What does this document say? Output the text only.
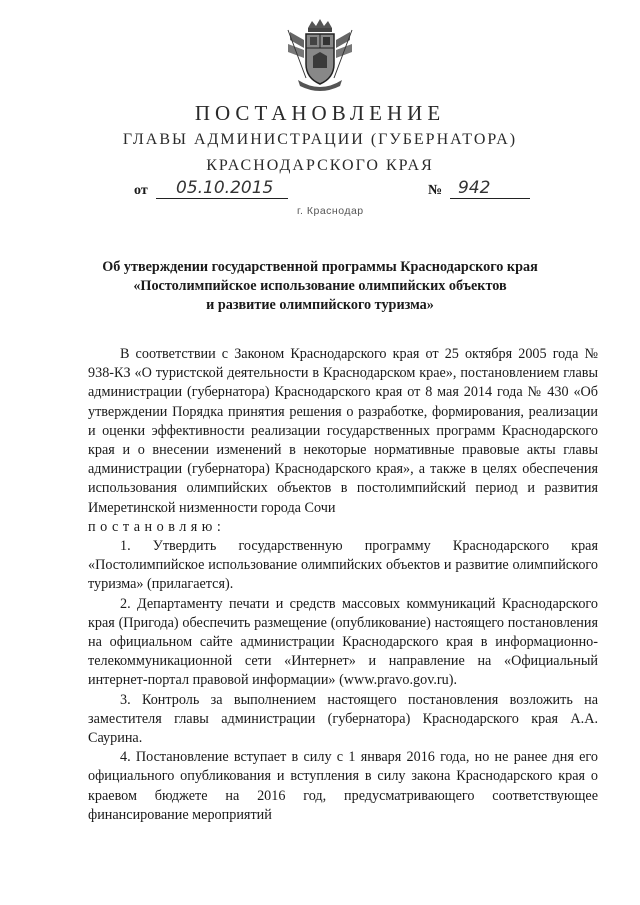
ПОСТАНОВЛЕНИЕ
ГЛАВЫ АДМИНИСТРАЦИИ (ГУБЕРНАТОРА)
КРАСНОДАРСКОГО КРАЯ
от 05.10.2015	№ 942
г. Краснодар
Об утверждении государственной программы Краснодарского края
«Постолимпийское использование олимпийских объектов
и развитие олимпийского туризма»

В соответствии с Законом Краснодарского края от 25 октября 2005 года № 938-КЗ «О туристской деятельности в Краснодарском крае», постановлением главы администрации (губернатора) Краснодарского края от 8 мая 2014 года № 430 «Об утверждении Порядка принятия решения о разработке, формирования, реализации и оценки эффективности реализации государственных программ Краснодарского края и о внесении изменений в некоторые нормативные правовые акты главы администрации (губернатора) Краснодарского края», а также в целях обеспечения использования олимпийских объектов в постолимпийский период и развития Имеретинской низменности города Сочи

постановляю:

1. Утвердить государственную программу Краснодарского края «Постолимпийское использование олимпийских объектов и развитие олимпийского туризма» (прилагается).

2. Департаменту печати и средств массовых коммуникаций Краснодарского края (Пригода) обеспечить размещение (опубликование) настоящего постановления на официальном сайте администрации Краснодарского края в информационно-телекоммуникационной сети «Интернет» и направление на «Официальный интернет-портал правовой информации» (www.pravo.gov.ru).

3. Контроль за выполнением настоящего постановления возложить на заместителя главы администрации (губернатора) Краснодарского края А.А. Саурина.

4. Постановление вступает в силу с 1 января 2016 года, но не ранее дня его официального опубликования и вступления в силу закона Краснодарского края о краевом бюджете на 2016 год, предусматривающего соответствующее финансирование мероприятий
